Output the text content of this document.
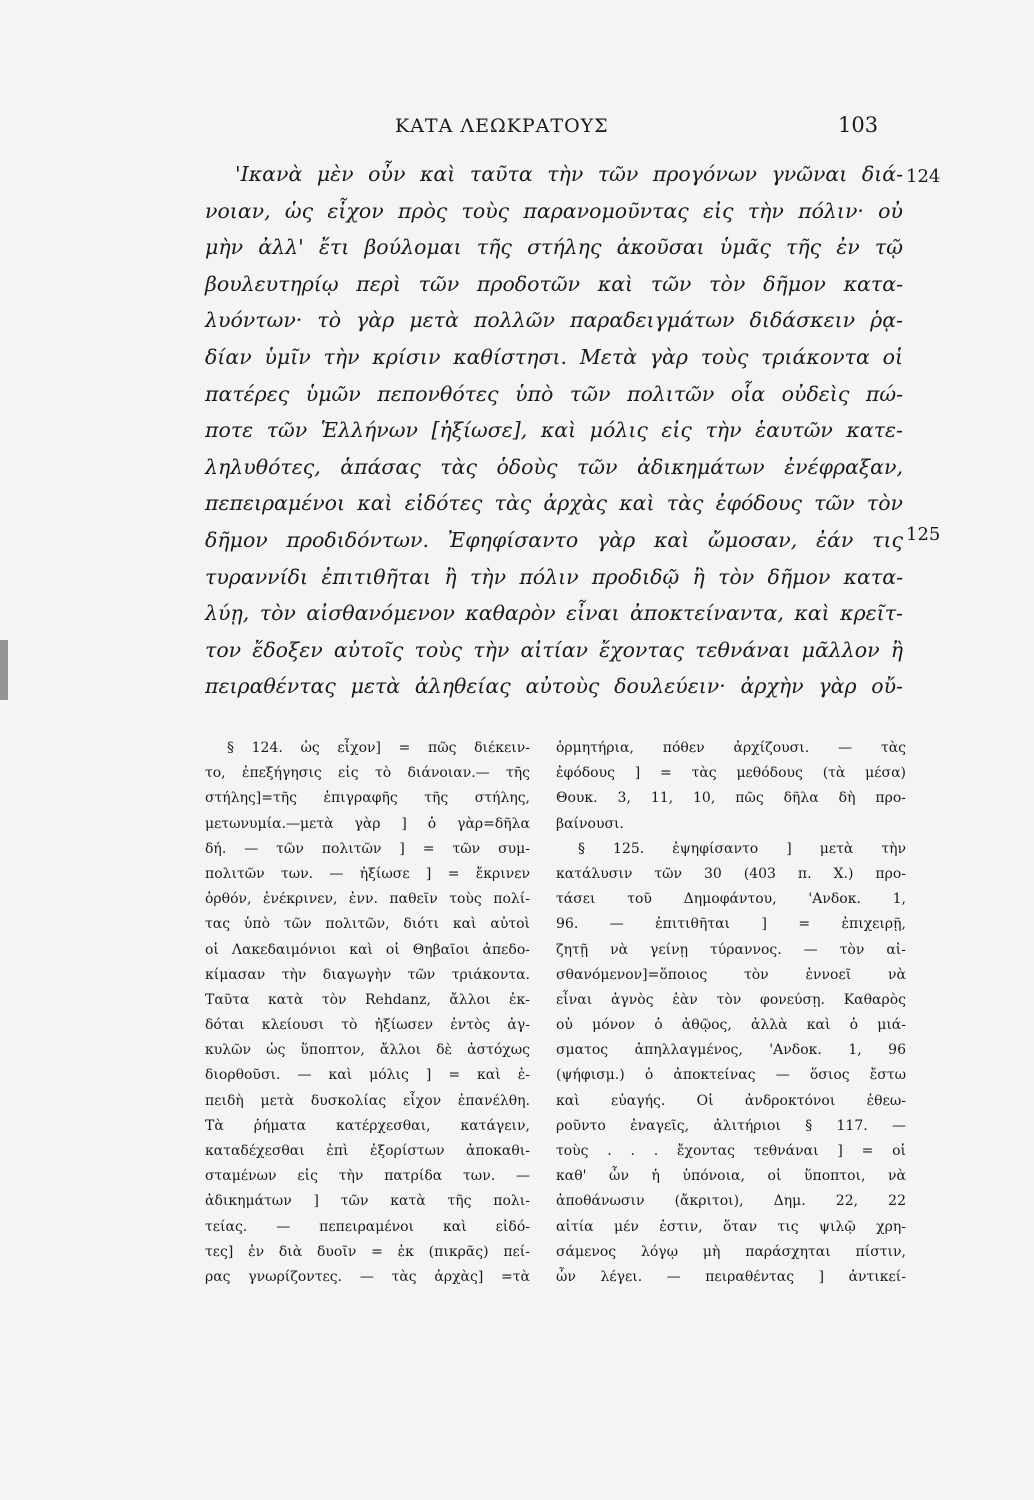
ΚΑΤΑ ΛΕΩΚΡΑΤΟΥΣ	103
124
125
'Ικανὰ μὲν οὖν καὶ ταῦτα τὴν τῶν προγόνων γνῶναι διά-
νοιαν, ὡς εἶχον πρὸς τοὺς παρανομοῦντας εἰς τὴν πόλιν· οὐ
μὴν ἀλλ' ἔτι βούλομαι τῆς στήλης ἀκοῦσαι ὑμᾶς τῆς ἐν τῷ
βουλευτηρίῳ περὶ τῶν προδοτῶν καὶ τῶν τὸν δῆμον κατα-
λυόντων· τὸ γὰρ μετὰ πολλῶν παραδειγμάτων διδάσκειν ῥᾳ-
δίαν ὑμῖν τὴν κρίσιν καθίστησι. Μετὰ γὰρ τοὺς τριάκοντα οἱ
πατέρες ὑμῶν πεπονθότες ὑπὸ τῶν πολιτῶν οἷα οὐδεὶς πώ-
ποτε τῶν Ἑλλήνων [ἠξίωσε], καὶ μόλις εἰς τὴν ἑαυτῶν κατε-
ληλυθότες, ἁπάσας τὰς ὁδοὺς τῶν ἀδικημάτων ἐνέφραξαν,
πεπειραμένοι καὶ εἰδότες τὰς ἀρχὰς καὶ τὰς ἐφόδους τῶν τὸν
δῆμον προδιδόντων. Ἐφηφίσαντο γὰρ καὶ ὤμοσαν, ἐάν τις
τυραννίδι ἐπιτιθῆται ἢ τὴν πόλιν προδιδῷ ἢ τὸν δῆμον κατα-
λύῃ, τὸν αἰσθανόμενον καθαρὸν εἶναι ἀποκτείναντα, καὶ κρεῖτ-
τον ἔδοξεν αὐτοῖς τοὺς τὴν αἰτίαν ἔχοντας τεθνάναι μᾶλλον ἢ
πειραθέντας μετὰ ἀληθείας αὐτοὺς δουλεύειν· ἀρχὴν γὰρ οὔ-
§ 124. ὡς εἶχον] = πῶς διέκειν-
το, ἐπεξήγησις εἰς τὸ διάνοιαν.— τῆς
στήλης]=τῆς ἐπιγραφῆς τῆς στήλης,
μετωνυμία.—μετὰ γὰρ ] ὁ γὰρ=δῆλα
δή. — τῶν πολιτῶν ] = τῶν συμ-
πολιτῶν των. — ἠξίωσε ] = ἔκρινεν
ὀρθόν, ἐνέκρινεν, ἐνν. παθεῖν τοὺς πολί-
τας ὑπὸ τῶν πολιτῶν, διότι καὶ αὐτοὶ
οἱ Λακεδαιμόνιοι καὶ οἱ Θηβαῖοι ἀπεδο-
κίμασαν τὴν διαγωγὴν τῶν τριάκοντα.
Ταῦτα κατὰ τὸν Rehdanz, ἄλλοι ἐκ-
δόται κλείουσι τὸ ἠξίωσεν ἐντὸς ἀγ-
κυλῶν ὡς ὕποπτον, ἄλλοι δὲ ἀστόχως
διορθοῦσι. — καὶ μόλις ] = καὶ ἐ-
πειδὴ μετὰ δυσκολίας εἶχον ἐπανέλθη.
Τὰ ῥήματα κατέρχεσθαι, κατάγειν,
καταδέχεσθαι ἐπὶ ἐξορίστων ἀποκαθι-
σταμένων εἰς τὴν πατρίδα των. —
ἀδικημάτων ] τῶν κατὰ τῆς πολι-
τείας. — πεπειραμένοι καὶ εἰδό-
τες] ἐν διὰ δυοῖν = ἐκ (πικρᾶς) πεί-
ρας γνωρίζοντες. — τὰς ἀρχὰς] =τὰ
ὁρμητήρια, πόθεν ἀρχίζουσι. — τὰς
ἐφόδους ] = τὰς μεθόδους (τὰ μέσα)
Θουκ. 3, 11, 10, πῶς δῆλα δὴ προ-
βαίνουσι.
§ 125. ἐψηφίσαντο ] μετὰ τὴν
κατάλυσιν τῶν 30 (403 π. Χ.) προ-
τάσει τοῦ Δημοφάντου, 'Ανδοκ. 1,
96. — ἐπιτιθῆται ] = ἐπιχειρῇ,
ζητῇ νὰ γείνῃ τύραννος. — τὸν αἰ-
σθανόμενον]=ὅποιος τὸν ἐννοεῖ νὰ
εἶναι ἁγνὸς ἐὰν τὸν φονεύσῃ. Καθαρὸς
οὐ μόνον ὁ ἀθῷος, ἀλλὰ καὶ ὁ μιά-
σματος ἀπηλλαγμένος, 'Ανδοκ. 1, 96
(ψήφισμ.) ὁ ἀποκτείνας — ὅσιος ἔστω
καὶ εὐαγής. Οἱ ἀνδροκτόνοι ἐθεω-
ροῦντο ἐναγεῖς, ἀλιτήριοι § 117. —
τοὺς . . . ἔχοντας τεθνάναι ] = οἱ
καθ' ὧν ἡ ὑπόνοια, οἱ ὕποπτοι, νὰ
ἀποθάνωσιν (ἄκριτοι), Δημ. 22, 22
αἰτία μέν ἐστιν, ὅταν τις ψιλῷ χρη-
σάμενος λόγῳ μὴ παράσχηται πίστιν,
ὧν λέγει. — πειραθέντας ] ἀντικεί-
